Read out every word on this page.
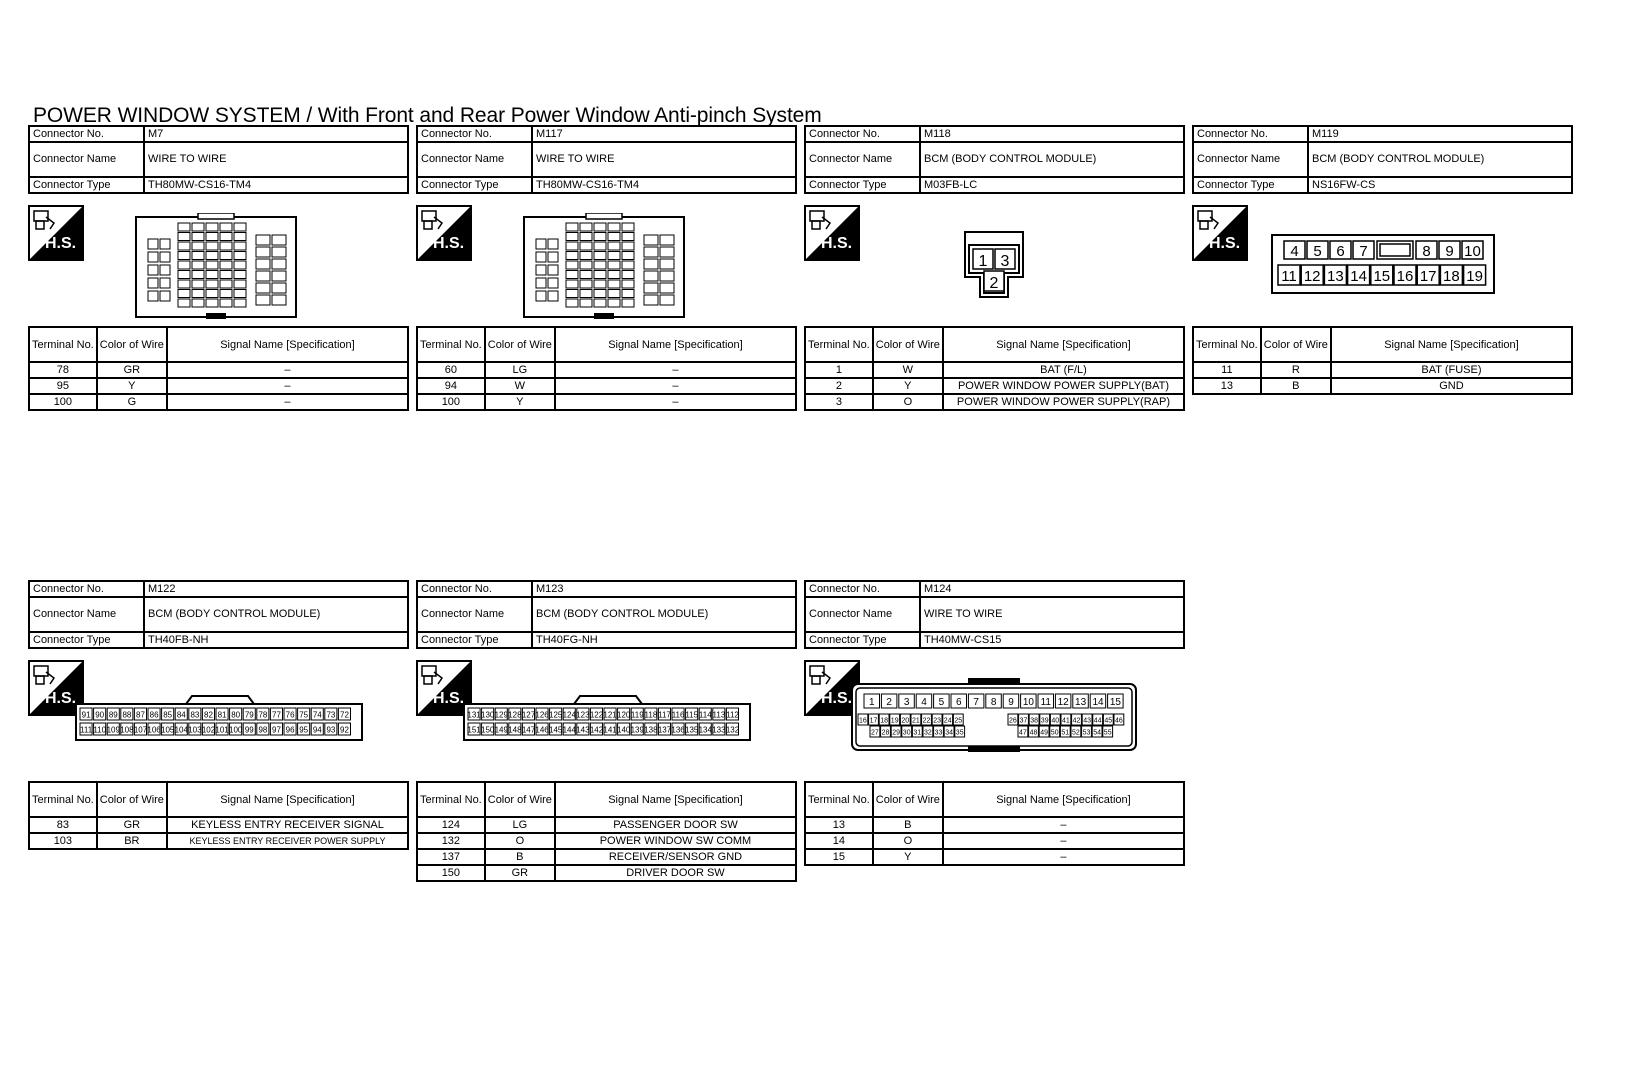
POWER WINDOW SYSTEM / With Front and Rear Power Window Anti-pinch System
Connector No.	M7
Connector Name	WIRE TO WIRE
Connector Type	TH80MW-CS16-TM4
H.S.
Terminal No.	Color of Wire	Signal Name [Specification]
78	GR	–
95	Y	–
100	G	–
Connector No.	M117
Connector Name	WIRE TO WIRE
Connector Type	TH80MW-CS16-TM4
H.S.
Terminal No.	Color of Wire	Signal Name [Specification]
60	LG	–
94	W	–
100	Y	–
Connector No.	M118
Connector Name	BCM (BODY CONTROL MODULE)
Connector Type	M03FB-LC
H.S.
1 3
2
Terminal No.	Color of Wire	Signal Name [Specification]
1	W	BAT (F/L)
2	Y	POWER WINDOW POWER SUPPLY(BAT)
3	O	POWER WINDOW POWER SUPPLY(RAP)
Connector No.	M119
Connector Name	BCM (BODY CONTROL MODULE)
Connector Type	NS16FW-CS
H.S.	4 5 6 7	8 9 10
11 12 13 14 15 16 17 18 19
Terminal No.	Color of Wire	Signal Name [Specification]
11	R	BAT (FUSE)
13	B	GND
Connector No.	M122
Connector Name	BCM (BODY CONTROL MODULE)
Connector Type	TH40FB-NH
H.S.
91 90 89 88 87 86 85 84 83 82 81 80 79 78 77 76 75 74 73 72
111 110 109 108 107 106 105 104 103 102 101 100 99 98 97 96 95 94 93 92
Terminal No.	Color of Wire	Signal Name [Specification]
83	GR	KEYLESS ENTRY RECEIVER SIGNAL
103	BR	KEYLESS ENTRY RECEIVER POWER SUPPLY
Connector No.	M123
Connector Name	BCM (BODY CONTROL MODULE)
Connector Type	TH40FG-NH
H.S.
131 130 129 128 127 126 125 124 123 122 121 120 119 118 117 116 115 114 113 112
151 150 149 148 147 146 145 144 143 142 141 140 139 138 137 136 135 134 133 132
Terminal No.	Color of Wire	Signal Name [Specification]
124	LG	PASSENGER DOOR SW
132	O	POWER WINDOW SW COMM
137	B	RECEIVER/SENSOR GND
150	GR	DRIVER DOOR SW
Connector No.	M124
Connector Name	WIRE TO WIRE
Connector Type	TH40MW-CS15
H.S. 1 2 3 4 5 6 7 8 9 10 11 12 13 14 15
16 17 18 19 20 21 22 23 24 25	26 37 38 39 40 41 42 43 44 45 46
27 28 29 30 31 32 33 34 35	47 48 49 50 51 52 53 54 55
Terminal No.	Color of Wire	Signal Name [Specification]
13	B	–
14	O	–
15	Y	–
